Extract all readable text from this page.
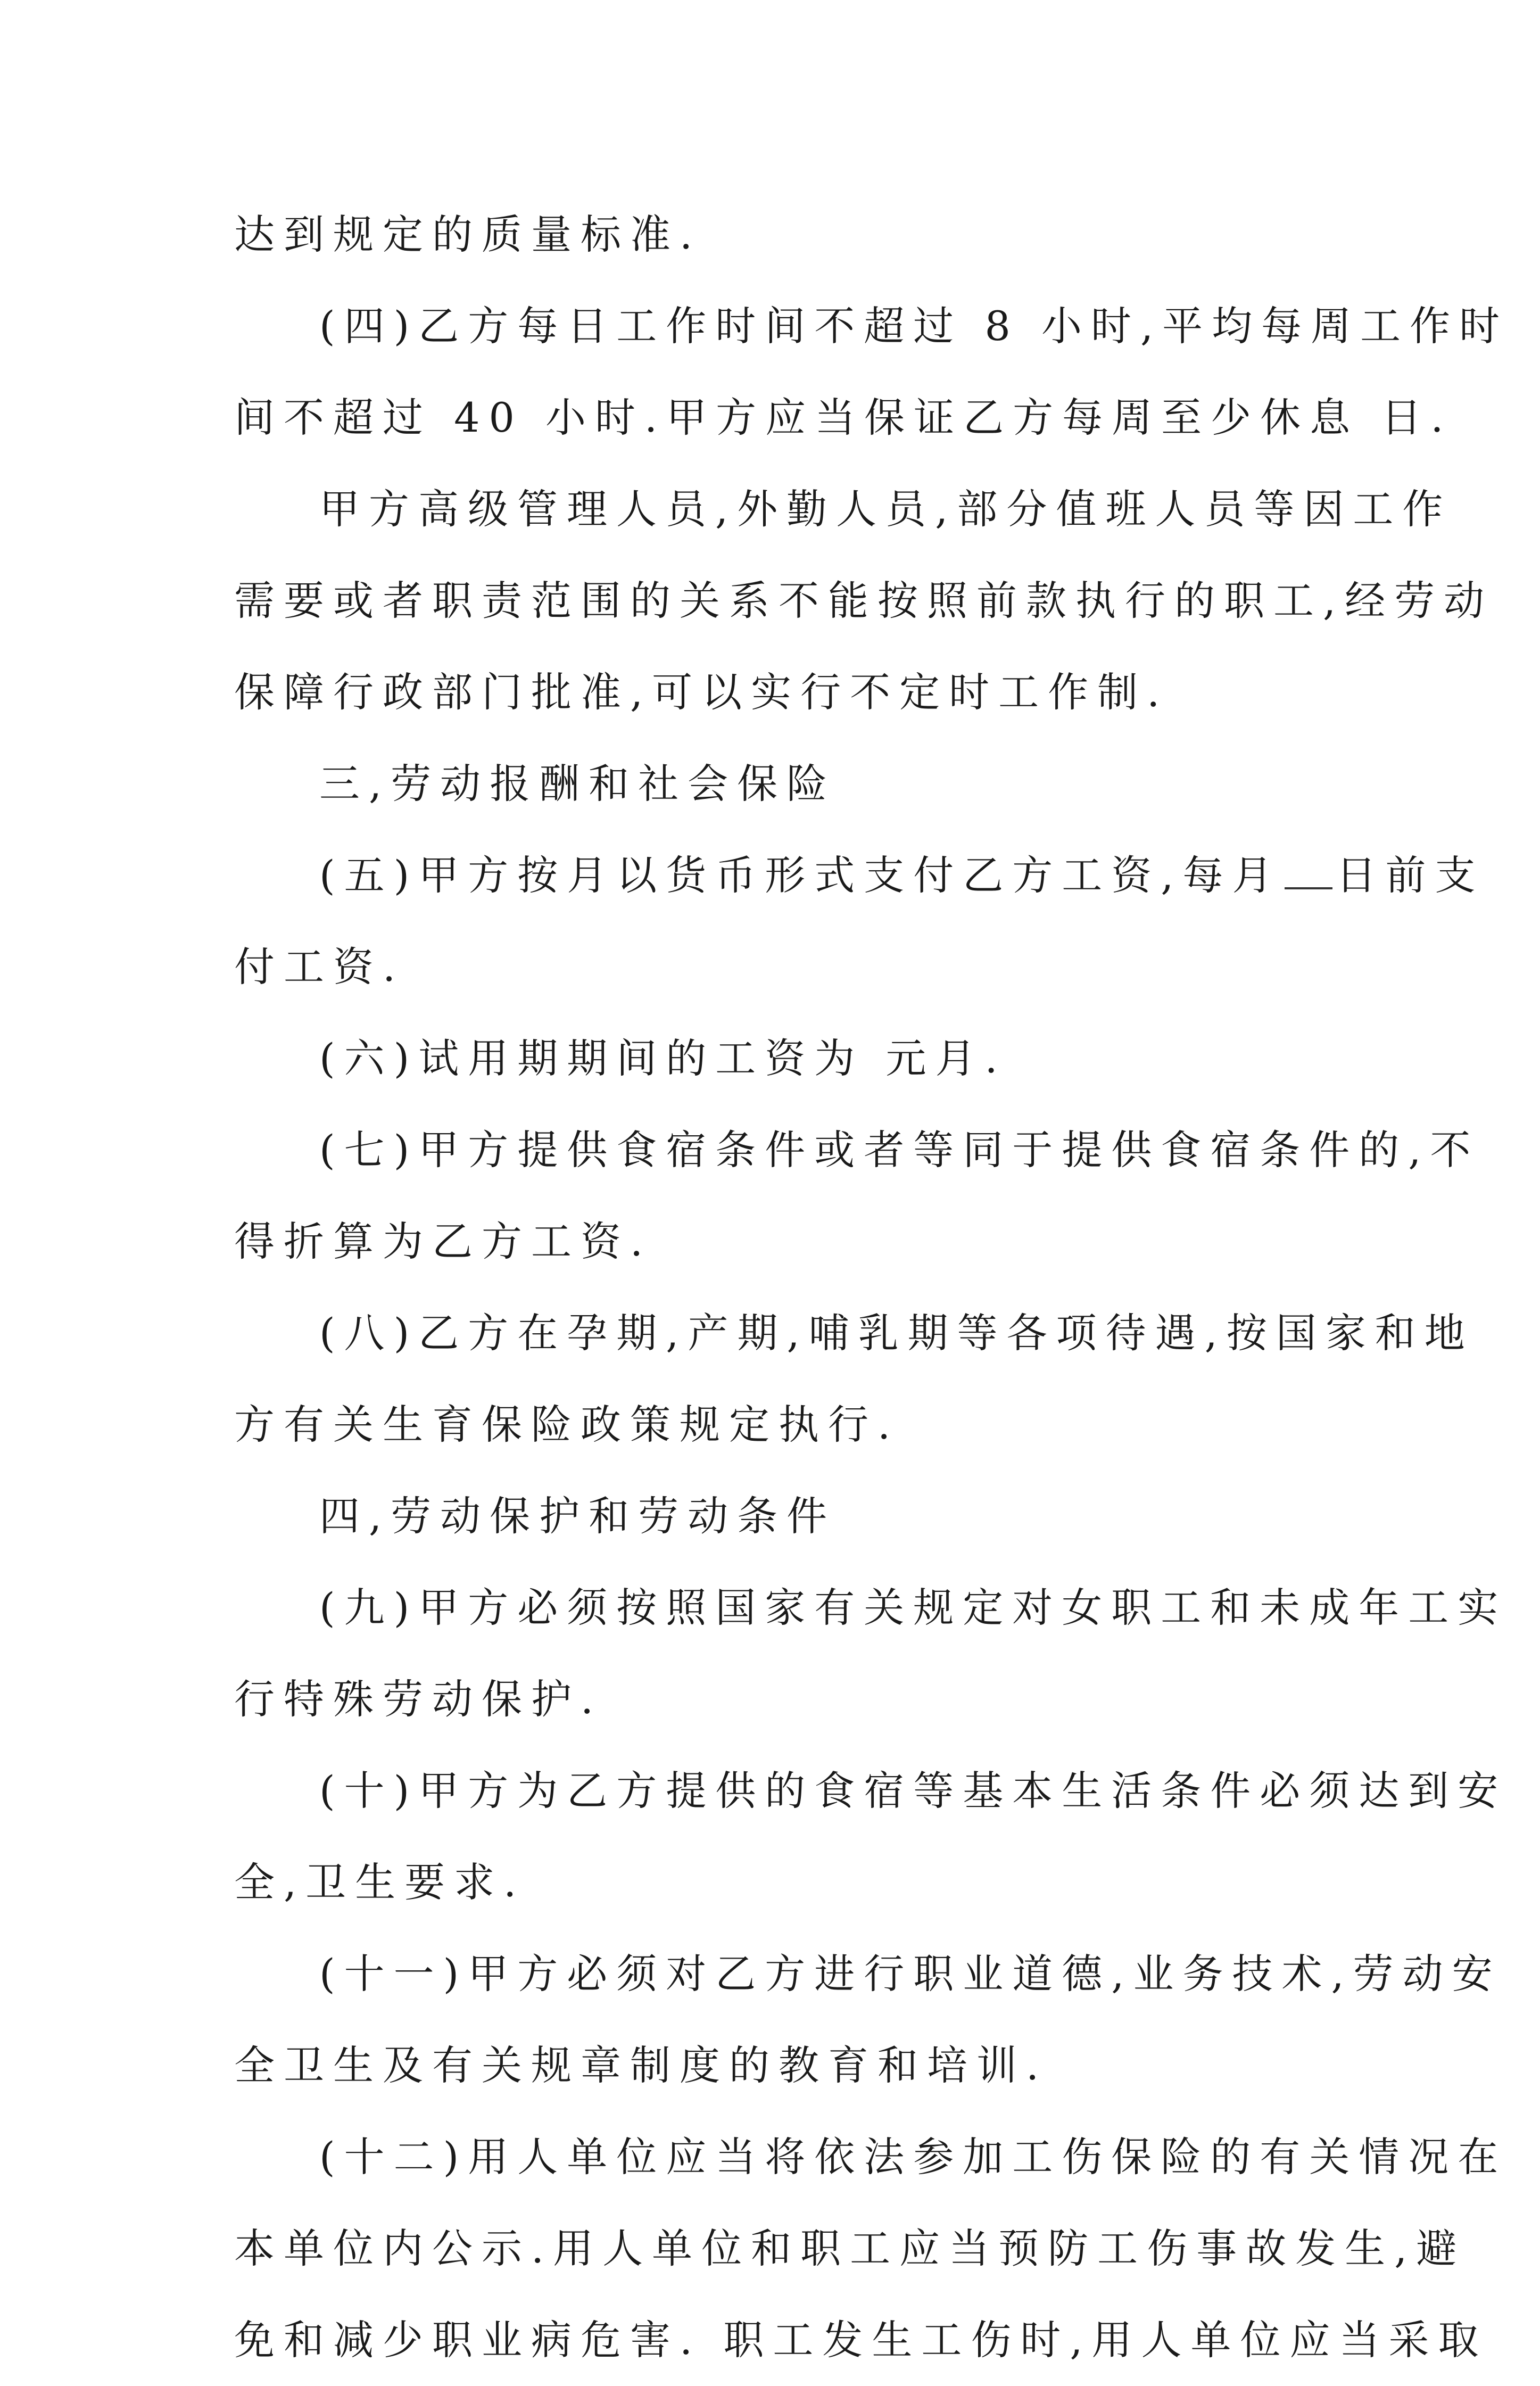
达到规定的质量标准.
(四)乙方每日工作时间不超过 8 小时,平均每周工作时
间不超过 40 小时.甲方应当保证乙方每周至少休息 日.
甲方高级管理人员,外勤人员,部分值班人员等因工作
需要或者职责范围的关系不能按照前款执行的职工,经劳动
保障行政部门批准,可以实行不定时工作制.
三,劳动报酬和社会保险
(五)甲方按月以货币形式支付乙方工资,每月 日前支
付工资.
(六)试用期期间的工资为 元月.
(七)甲方提供食宿条件或者等同于提供食宿条件的,不
得折算为乙方工资.
(八)乙方在孕期,产期,哺乳期等各项待遇,按国家和地
方有关生育保险政策规定执行.
四,劳动保护和劳动条件
(九)甲方必须按照国家有关规定对女职工和未成年工实
行特殊劳动保护.
(十)甲方为乙方提供的食宿等基本生活条件必须达到安
全,卫生要求.
(十一)甲方必须对乙方进行职业道德,业务技术,劳动安
全卫生及有关规章制度的教育和培训.
(十二)用人单位应当将依法参加工伤保险的有关情况在
本单位内公示.用人单位和职工应当预防工伤事故发生,避
免和减少职业病危害. 职工发生工伤时,用人单位应当采取
